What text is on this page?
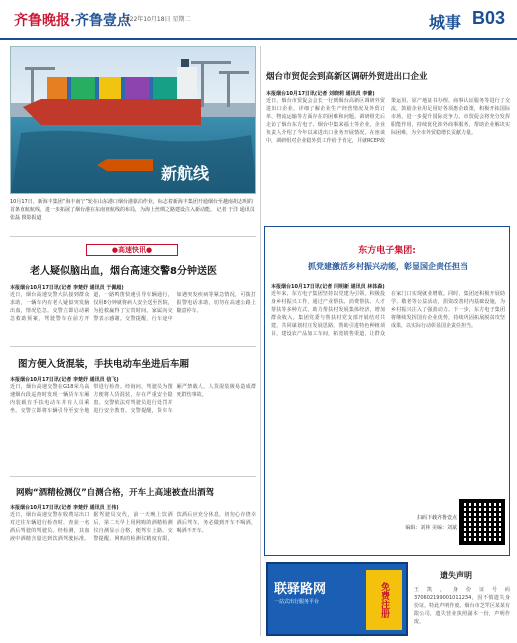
齐鲁晚报·齐鲁壹点
2022年10月18日 星期二	城事 B03
新航线
10月17日，新海丰集团“海丰南宁”轮在山东港口烟台港靠泊作业，标志着新海丰集团开通烟台至越南胡志明的首条直航航线，进一步拓展了烟台港在东南亚航线的布局，为海上丝绸之路建设注入新动能。 记者 于洋 通讯员 张磊 摄影报道
烟台市贸促会到高新区调研外贸进出口企业
本报烟台10月17日讯(记者 刘晓莉 通讯员 李蕾)
近日，烟台市贸促会会长一行到烟台高新区调研外贸进出口企业，详细了解企业生产经营情况及外贸订单、物流运输等方面存在的困难和问题。调研组先后走访了烟台东方电子、烟台中集来福士等企业，企业负责人介绍了今年以来进出口业务开展情况。在座谈中，调研组对企业稳外贸工作给予肯定，并就RCEP政策运用、原产地证书办理、商事认证服务等进行了交流，鼓励企业用足用好各项惠企政策，积极开拓国际市场，进一步提升国际竞争力。市贸促会将充分发挥职能作用，持续优化涉外商事服务，帮助企业解决实际困难，为全市外贸稳增长贡献力量。
●高速快讯●
老人疑似脑出血，烟台高速交警8分钟送医
本报烟台10月17日讯(记者 李楚妤 通讯员 于佩超)
近日，烟台高速交警大队接到群众求助，一辆车内有老人疑似突发脑出血，情况危急。交警立即启动紧急救助预案，驾驶警车在前方开道，一路鸣笛快速引导车辆通行，仅用8分钟就将病人安全送至医院，为抢救赢得了宝贵时间。家属向交警表示感谢。交警提醒，行车途中如遇突发疾病等紧急情况，可拨打报警电话求助，切勿在高速公路上随意停车。
图方便入货混装，手扶电动车坐进后车厢
本报烟台10月17日讯(记者 李楚妤 通讯员 信飞)
近日，烟台高速交警在G18荣乌高速烟台段巡查时发现一辆货车车厢内装载有手扶电动车并有人员乘坐。交警立即将车辆引导至安全地带进行检查。经询问，驾驶员为图方便将人货混装，存在严重安全隐患。交警依法对驾驶员进行处罚并进行安全教育。交警提醒，货车车厢严禁载人，人货混装极易造成群死群伤事故。
网购“酒精检测仪”自测合格，开车上高速被查出酒驾
本报烟台10月17日讯(记者 李楚妤 通讯员 王伟)
近日，烟台高速交警在收费站出口对过往车辆进行检查时，查获一名酒后驾驶的驾驶员。经检测，其血液中酒精含量达到饮酒驾驶标准。据驾驶员交代，前一天晚上饮酒后，第二天早上用网购的酒精检测仪自测显示合格，便驾车上路。交警提醒，网购的检测仪精度有限，饮酒后应充分休息，切勿心存侥幸酒后驾车，务必做到开车不喝酒，喝酒不开车。
东方电子集团:
抓党建激活乡村振兴动能，彰显国企责任担当
本报烟台10月17日讯(记者 闫明新 通讯员 林体森)
近年来，东方电子集团坚持以党建为引领，积极投身乡村振兴工作，通过产业帮扶、消费帮扶、人才帮扶等多种方式，助力帮扶村发展集体经济，增加群众收入。集团党委与帮扶村党支部开展结对共建，共同谋划村庄发展思路，帮助引进特色种植项目，建设农产品加工车间，拓宽销售渠道，让群众在家门口实现就业增收。同时，集团还积极开展助学、敬老等公益活动，捐资改善村内基础设施，为乡村振兴注入了强劲动力。下一步，东方电子集团将继续发挥国有企业优势，持续巩固拓展脱贫攻坚成果，以实际行动彰显国企责任担当。
扫码下载齐鲁壹点
编辑：刘林 美编：刘斌
联驿路网
一站式出行服务平台	免费注册
遗失声明
王凯，身份证号码370602199001011234，因不慎遗失身份证，特此声明作废。烟台市芝罘区某某有限公司，遗失营业执照副本一份，声明作废。
